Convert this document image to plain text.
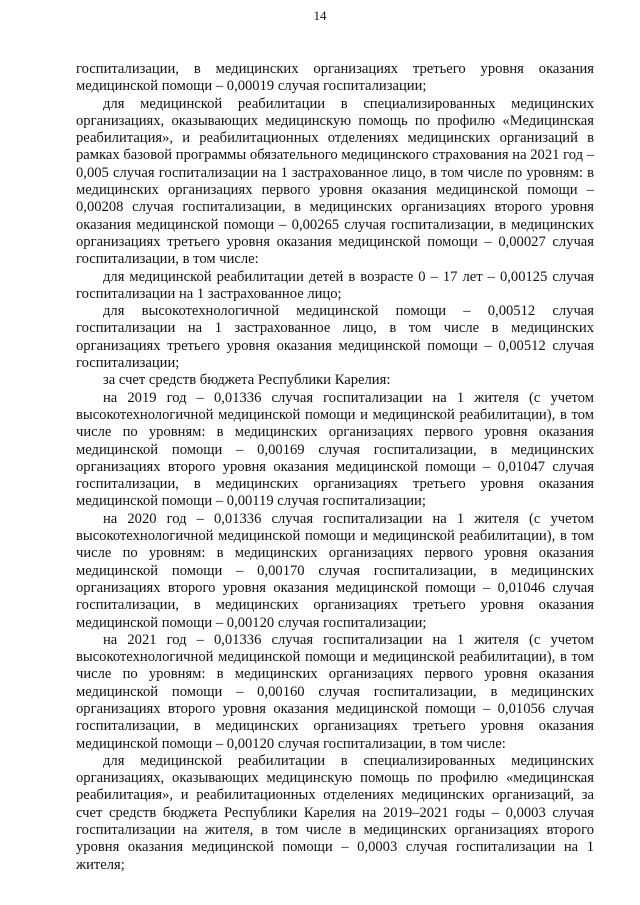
14

госпитализации, в медицинских организациях третьего уровня оказания медицинской помощи – 0,00019 случая госпитализации;

для медицинской реабилитации в специализированных медицинских организациях, оказывающих медицинскую помощь по профилю «Медицинская реабилитация», и реабилитационных отделениях медицинских организаций в рамках базовой программы обязательного медицинского страхования на 2021 год – 0,005 случая госпитализации на 1 застрахованное лицо, в том числе по уровням: в медицинских организациях первого уровня оказания медицинской помощи – 0,00208 случая госпитализации, в медицинских организациях второго уровня оказания медицинской помощи – 0,00265 случая госпитализации, в медицинских организациях третьего уровня оказания медицинской помощи – 0,00027 случая госпитализации, в том числе:

для медицинской реабилитации детей в возрасте 0 – 17 лет – 0,00125 случая госпитализации на 1 застрахованное лицо;

для высокотехнологичной медицинской помощи – 0,00512 случая госпитализации на 1 застрахованное лицо, в том числе в медицинских организациях третьего уровня оказания медицинской помощи – 0,00512 случая госпитализации;

за счет средств бюджета Республики Карелия:

на 2019 год – 0,01336 случая госпитализации на 1 жителя (с учетом высокотехнологичной медицинской помощи и медицинской реабилитации), в том числе по уровням: в медицинских организациях первого уровня оказания медицинской помощи – 0,00169 случая госпитализации, в медицинских организациях второго уровня оказания медицинской помощи – 0,01047 случая госпитализации, в медицинских организациях третьего уровня оказания медицинской помощи – 0,00119 случая госпитализации;

на 2020 год – 0,01336 случая госпитализации на 1 жителя (с учетом высокотехнологичной медицинской помощи и медицинской реабилитации), в том числе по уровням: в медицинских организациях первого уровня оказания медицинской помощи – 0,00170 случая госпитализации, в медицинских организациях второго уровня оказания медицинской помощи – 0,01046 случая госпитализации, в медицинских организациях третьего уровня оказания медицинской помощи – 0,00120 случая госпитализации;

на 2021 год – 0,01336 случая госпитализации на 1 жителя (с учетом высокотехнологичной медицинской помощи и медицинской реабилитации), в том числе по уровням: в медицинских организациях первого уровня оказания медицинской помощи – 0,00160 случая госпитализации, в медицинских организациях второго уровня оказания медицинской помощи – 0,01056 случая госпитализации, в медицинских организациях третьего уровня оказания медицинской помощи – 0,00120 случая госпитализации, в том числе:

для медицинской реабилитации в специализированных медицинских организациях, оказывающих медицинскую помощь по профилю «медицинская реабилитация», и реабилитационных отделениях медицинских организаций, за счет средств бюджета Республики Карелия на 2019–2021 годы – 0,0003 случая госпитализации на жителя, в том числе в медицинских организациях второго уровня оказания медицинской помощи – 0,0003 случая госпитализации на 1 жителя;
